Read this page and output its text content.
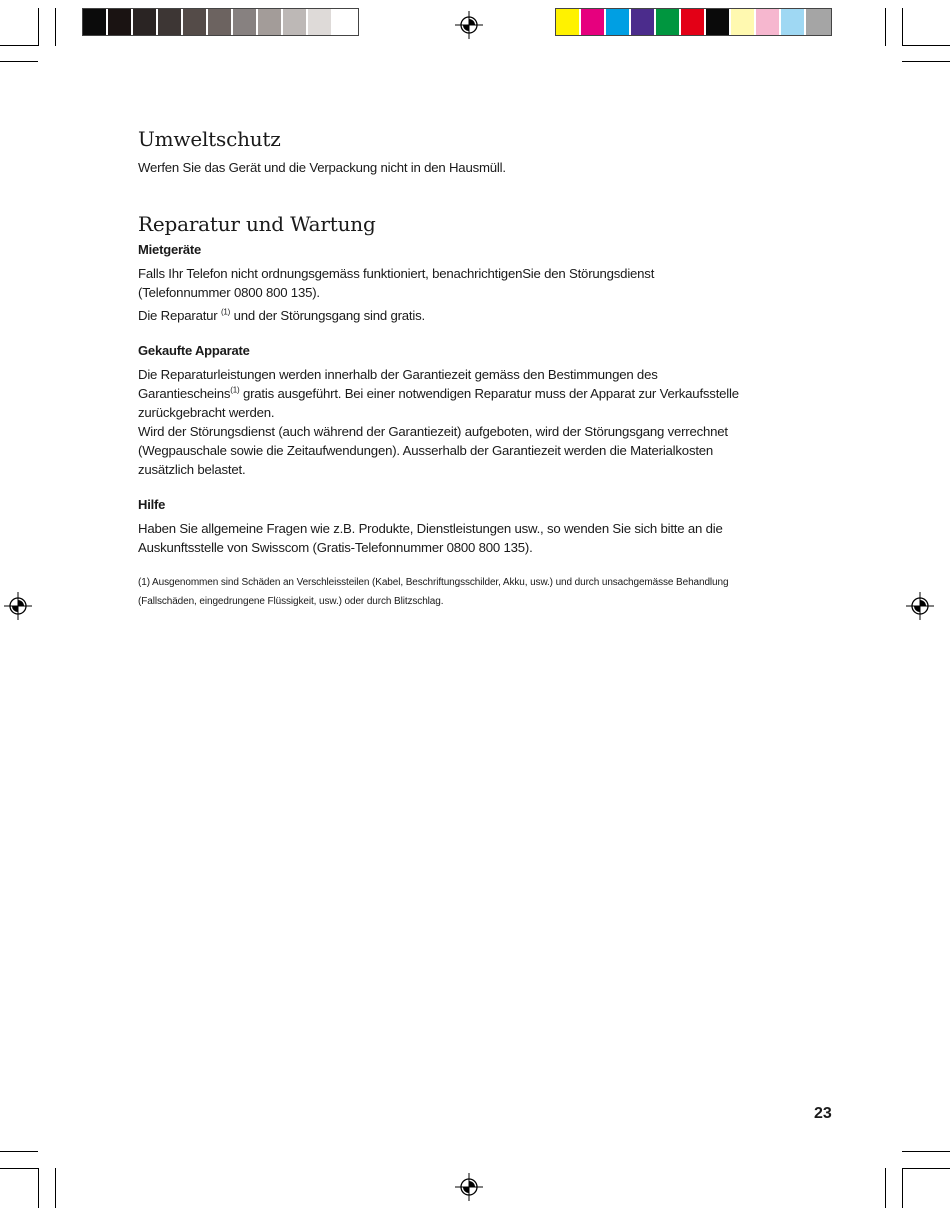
Umweltschutz

Werfen Sie das Gerät und die Verpackung nicht in den Hausmüll.

Reparatur und Wartung
Mietgeräte

Falls Ihr Telefon nicht ordnungsgemäss funktioniert, benachrichtigenSie den Störungsdienst

(Telefonnummer 0800 800 135).

Die Reparatur $^{(1)}$ und der Störungsgang sind gratis.

Gekaufte Apparate

Die Reparaturleistungen werden innerhalb der Garantiezeit gemäss den Bestimmungen des

Garantiescheins$^{(1)}$ gratis ausgeführt. Bei einer notwendigen Reparatur muss der Apparat zur Verkaufsstelle

zurückgebracht werden.

Wird der Störungsdienst (auch während der Garantiezeit) aufgeboten, wird der Störungsgang verrechnet

(Wegpauschale sowie die Zeitaufwendungen). Ausserhalb der Garantiezeit werden die Materialkosten

zusätzlich belastet.

Hilfe

Haben Sie allgemeine Fragen wie z.B. Produkte, Dienstleistungen usw., so wenden Sie sich bitte an die

Auskunftsstelle von Swisscom (Gratis-Telefonnummer 0800 800 135).

(1) Ausgenommen sind Schäden an Verschleissteilen (Kabel, Beschriftungsschilder, Akku, usw.) und durch unsachgemässe Behandlung

(Fallschäden, eingedrungene Flüssigkeit, usw.) oder durch Blitzschlag.

23
